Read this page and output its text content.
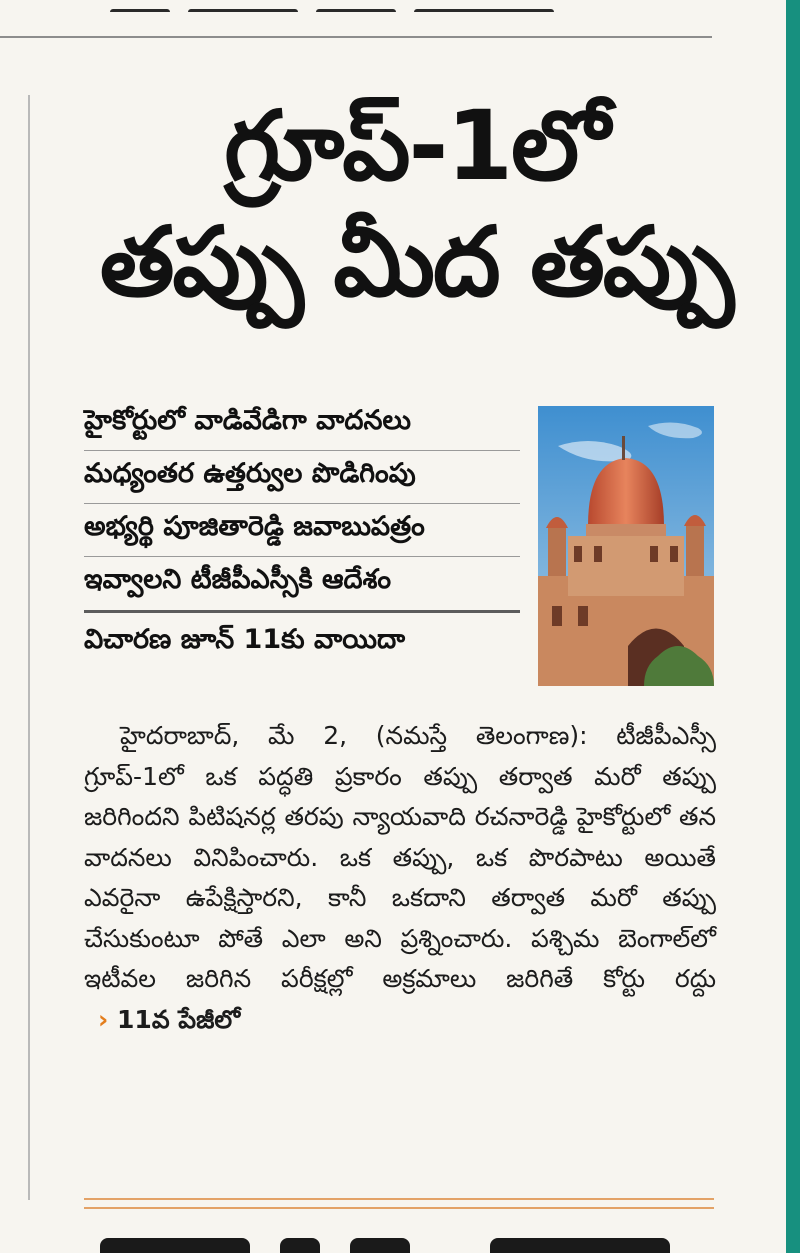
గ్రూప్‌-1లో
తప్పు మీద తప్పు
హైకోర్టులో వాడివేడిగా వాదనలు
మధ్యంతర ఉత్తర్వుల పొడిగింపు
అభ్యర్థి పూజితారెడ్డి జవాబుపత్రం
ఇవ్వాలని టీజీపీఎస్సీకి ఆదేశం
విచారణ జూన్‌ 11కు వాయిదా

హైదరాబాద్‌, మే 2, (నమస్తే తెలంగాణ): టీజీపీఎస్సీ గ్రూప్‌-1లో ఒక పద్ధతి ప్రకారం తప్పు తర్వాత మరో తప్పు జరిగిందని పిటిషనర్ల తరపు న్యాయవాది రచనారెడ్డి హైకోర్టులో తన వాదనలు వినిపించారు. ఒక తప్పు, ఒక పొరపాటు అయితే ఎవరైనా ఉపేక్షిస్తారని, కానీ ఒకదాని తర్వాత మరో తప్పు చేసుకుంటూ పోతే ఎలా అని ప్రశ్నించారు. పశ్చిమ బెంగాల్‌లో ఇటీవల జరిగిన పరీక్షల్లో అక్రమాలు జరిగితే కోర్టు రద్దు › 11వ పేజీలో
